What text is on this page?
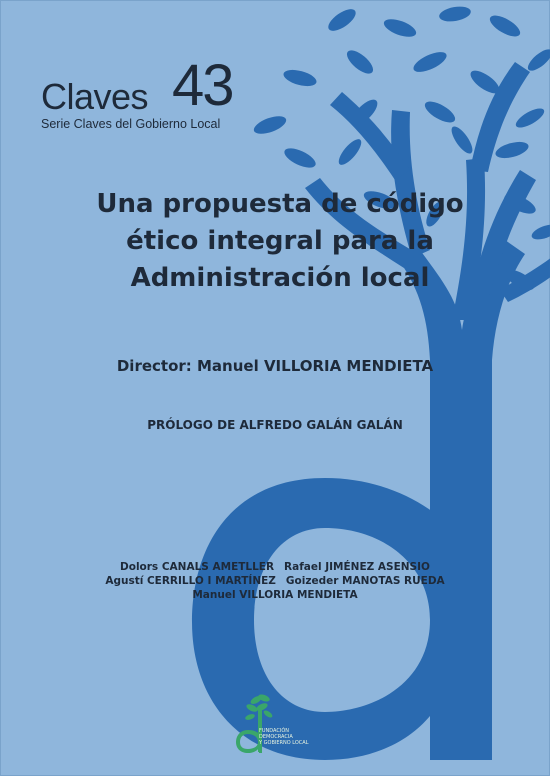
Claves 43
Serie Claves del Gobierno Local
Una propuesta de código
ético integral para la
Administración local
Director: Manuel VILLORIA MENDIETA
PRÓLOGO DE ALFREDO GALÁN GALÁN
Dolors CANALS AMETLLER Rafael JIMÉNEZ ASENSIO
Agustí CERRILLO I MARTÍNEZ Goizeder MANOTAS RUEDA
Manuel VILLORIA MENDIETA
FUNDACIÓN
DEMOCRACIA
Y GOBIERNO LOCAL
